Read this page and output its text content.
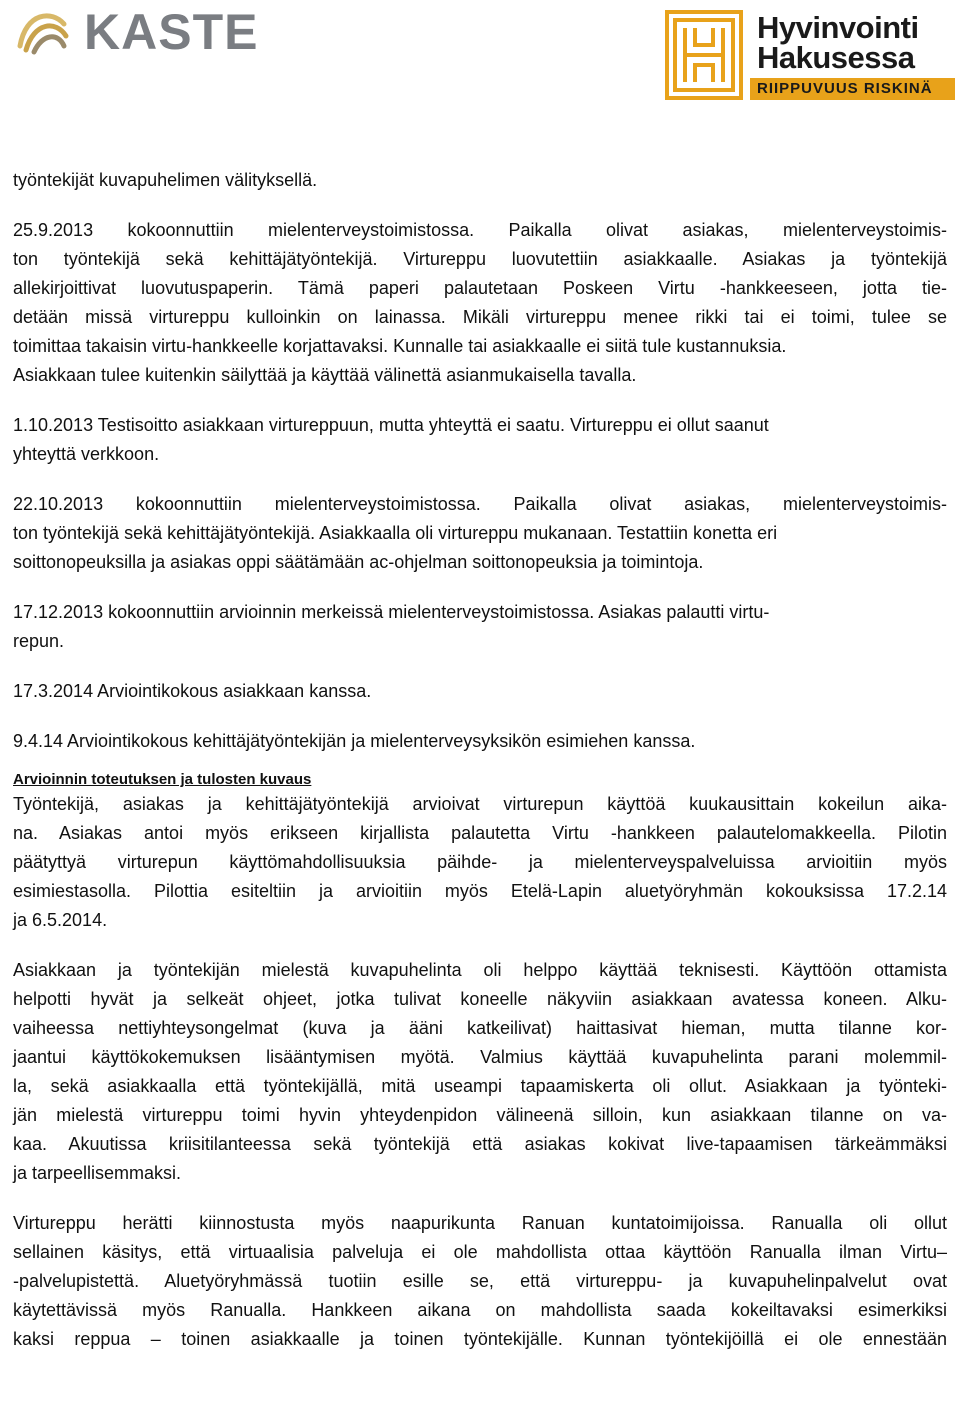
KASTE	Hyvinvointi
Hakusessa
RIIPPUVUUS RISKINÄ
työntekijät kuvapuhelimen välityksellä.
25.9.2013 kokoonnuttiin mielenterveystoimistossa. Paikalla olivat asiakas, mielenterveystoimis-
ton työntekijä sekä kehittäjätyöntekijä. Virtureppu luovutettiin asiakkaalle. Asiakas ja työntekijä
allekirjoittivat luovutuspaperin. Tämä paperi palautetaan Poskeen Virtu -hankkeeseen, jotta tie-
detään missä virtureppu kulloinkin on lainassa. Mikäli virtureppu menee rikki tai ei toimi, tulee se
toimittaa takaisin virtu-hankkeelle korjattavaksi. Kunnalle tai asiakkaalle ei siitä tule kustannuksia.
Asiakkaan tulee kuitenkin säilyttää ja käyttää välinettä asianmukaisella tavalla.
1.10.2013 Testisoitto asiakkaan virtureppuun, mutta yhteyttä ei saatu. Virtureppu ei ollut saanut
yhteyttä verkkoon.
22.10.2013 kokoonnuttiin mielenterveystoimistossa. Paikalla olivat asiakas, mielenterveystoimis-
ton työntekijä sekä kehittäjätyöntekijä. Asiakkaalla oli virtureppu mukanaan. Testattiin konetta eri
soittonopeuksilla ja asiakas oppi säätämään ac-ohjelman soittonopeuksia ja toimintoja.
17.12.2013 kokoonnuttiin arvioinnin merkeissä mielenterveystoimistossa. Asiakas palautti virtu-
repun.
17.3.2014 Arviointikokous asiakkaan kanssa.
9.4.14 Arviointikokous kehittäjätyöntekijän ja mielenterveysyksikön esimiehen kanssa.
Arvioinnin toteutuksen ja tulosten kuvaus
Työntekijä, asiakas ja kehittäjätyöntekijä arvioivat virturepun käyttöä kuukausittain kokeilun aika-
na. Asiakas antoi myös erikseen kirjallista palautetta Virtu -hankkeen palautelomakkeella. Pilotin
päätyttyä virturepun käyttömahdollisuuksia päihde- ja mielenterveyspalveluissa arvioitiin myös
esimiestasolla. Pilottia esiteltiin ja arvioitiin myös Etelä-Lapin aluetyöryhmän kokouksissa 17.2.14
ja 6.5.2014.
Asiakkaan ja työntekijän mielestä kuvapuhelinta oli helppo käyttää teknisesti. Käyttöön ottamista
helpotti hyvät ja selkeät ohjeet, jotka tulivat koneelle näkyviin asiakkaan avatessa koneen. Alku-
vaiheessa nettiyhteysongelmat (kuva ja ääni katkeilivat) haittasivat hieman, mutta tilanne kor-
jaantui käyttökokemuksen lisääntymisen myötä. Valmius käyttää kuvapuhelinta parani molemmil-
la, sekä asiakkaalla että työntekijällä, mitä useampi tapaamiskerta oli ollut. Asiakkaan ja työnteki-
jän mielestä virtureppu toimi hyvin yhteydenpidon välineenä silloin, kun asiakkaan tilanne on va-
kaa. Akuutissa kriisitilanteessa sekä työntekijä että asiakas kokivat live-tapaamisen tärkeämmäksi
ja tarpeellisemmaksi.
Virtureppu herätti kiinnostusta myös naapurikunta Ranuan kuntatoimijoissa. Ranualla oli ollut
sellainen käsitys, että virtuaalisia palveluja ei ole mahdollista ottaa käyttöön Ranualla ilman Virtu–
-palvelupistettä. Aluetyöryhmässä tuotiin esille se, että virtureppu- ja kuvapuhelinpalvelut ovat
käytettävissä myös Ranualla. Hankkeen aikana on mahdollista saada kokeiltavaksi esimerkiksi
kaksi reppua – toinen asiakkaalle ja toinen työntekijälle. Kunnan työntekijöillä ei ole ennestään
